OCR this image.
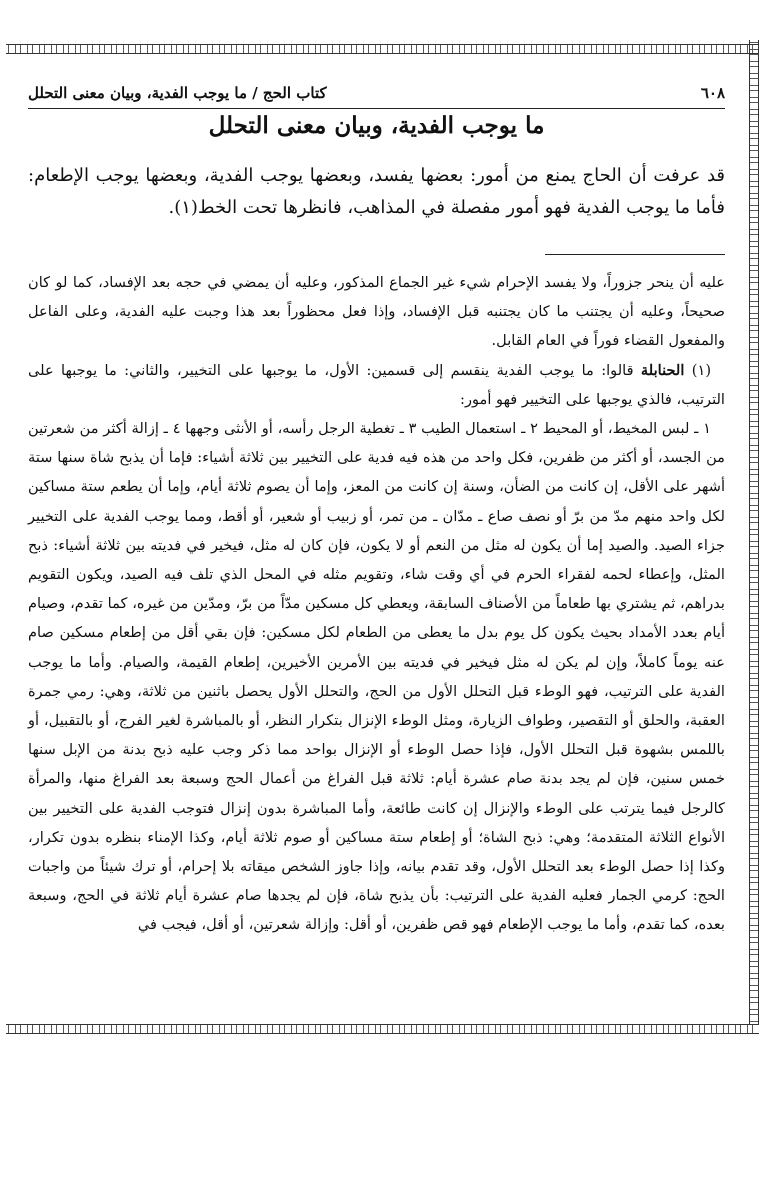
٦٠٨
كتاب الحج / ما يوجب الفدية، وبيان معنى التحلل
ما يوجب الفدية، وبيان معنى التحلل
قد عرفت أن الحاج يمنع من أمور: بعضها يفسد، وبعضها يوجب الفدية، وبعضها يوجب الإطعام: فأما ما يوجب الفدية فهو أمور مفصلة في المذاهب، فانظرها تحت الخط(١).

عليه أن ينحر جزوراً، ولا يفسد الإحرام شيء غير الجماع المذكور، وعليه أن يمضي في حجه بعد الإفساد، كما لو كان صحيحاً، وعليه أن يجتنب ما كان يجتنبه قبل الإفساد، وإذا فعل محظوراً بعد هذا وجبت عليه الفدية، وعلى الفاعل والمفعول القضاء فوراً في العام القابل.

(١) الحنابلة قالوا: ما يوجب الفدية ينقسم إلى قسمين: الأول، ما يوجبها على التخيير، والثاني: ما يوجبها على الترتيب، فالذي يوجبها على التخيير فهو أمور:

١ ـ لبس المخيط، أو المحيط ٢ ـ استعمال الطيب ٣ ـ تغطية الرجل رأسه، أو الأنثى وجهها ٤ ـ إزالة أكثر من شعرتين من الجسد، أو أكثر من ظفرين، فكل واحد من هذه فيه فدية على التخيير بين ثلاثة أشياء: فإما أن يذبح شاة سنها ستة أشهر على الأقل، إن كانت من الضأن، وسنة إن كانت من المعز، وإما أن يصوم ثلاثة أيام، وإما أن يطعم ستة مساكين لكل واحد منهم مدّ من برّ أو نصف صاع ـ مدّان ـ من تمر، أو زبيب أو شعير، أو أقط، ومما يوجب الفدية على التخيير جزاء الصيد. والصيد إما أن يكون له مثل من النعم أو لا يكون، فإن كان له مثل، فيخير في فديته بين ثلاثة أشياء: ذبح المثل، وإعطاء لحمه لفقراء الحرم في أي وقت شاء، وتقويم مثله في المحل الذي تلف فيه الصيد، ويكون التقويم بدراهم، ثم يشتري بها طعاماً من الأصناف السابقة، ويعطي كل مسكين مدّاً من برّ، ومدّين من غيره، كما تقدم، وصيام أيام بعدد الأمداد بحيث يكون كل يوم بدل ما يعطى من الطعام لكل مسكين: فإن بقي أقل من إطعام مسكين صام عنه يوماً كاملاً، وإن لم يكن له مثل فيخير في فديته بين الأمرين الأخيرين، إطعام القيمة، والصيام. وأما ما يوجب الفدية على الترتيب، فهو الوطء قبل التحلل الأول من الحج، والتحلل الأول يحصل باثنين من ثلاثة، وهي: رمي جمرة العقبة، والحلق أو التقصير، وطواف الزيارة، ومثل الوطء الإنزال بتكرار النظر، أو بالمباشرة لغير الفرج، أو بالتقبيل، أو باللمس بشهوة قبل التحلل الأول، فإذا حصل الوطء أو الإنزال بواحد مما ذكر وجب عليه ذبح بدنة من الإبل سنها خمس سنين، فإن لم يجد بدنة صام عشرة أيام: ثلاثة قبل الفراغ من أعمال الحج وسبعة بعد الفراغ منها، والمرأة كالرجل فيما يترتب على الوطء والإنزال إن كانت طائعة، وأما المباشرة بدون إنزال فتوجب الفدية على التخيير بين الأنواع الثلاثة المتقدمة؛ وهي: ذبح الشاة؛ أو إطعام ستة مساكين أو صوم ثلاثة أيام، وكذا الإمناء بنظره بدون تكرار، وكذا إذا حصل الوطء بعد التحلل الأول، وقد تقدم بيانه، وإذا جاوز الشخص ميقاته بلا إحرام، أو ترك شيئاً من واجبات الحج: كرمي الجمار فعليه الفدية على الترتيب: بأن يذبح شاة، فإن لم يجدها صام عشرة أيام ثلاثة في الحج، وسبعة بعده، كما تقدم، وأما ما يوجب الإطعام فهو قص ظفرين، أو أقل: وإزالة شعرتين، أو أقل، فيجب في
